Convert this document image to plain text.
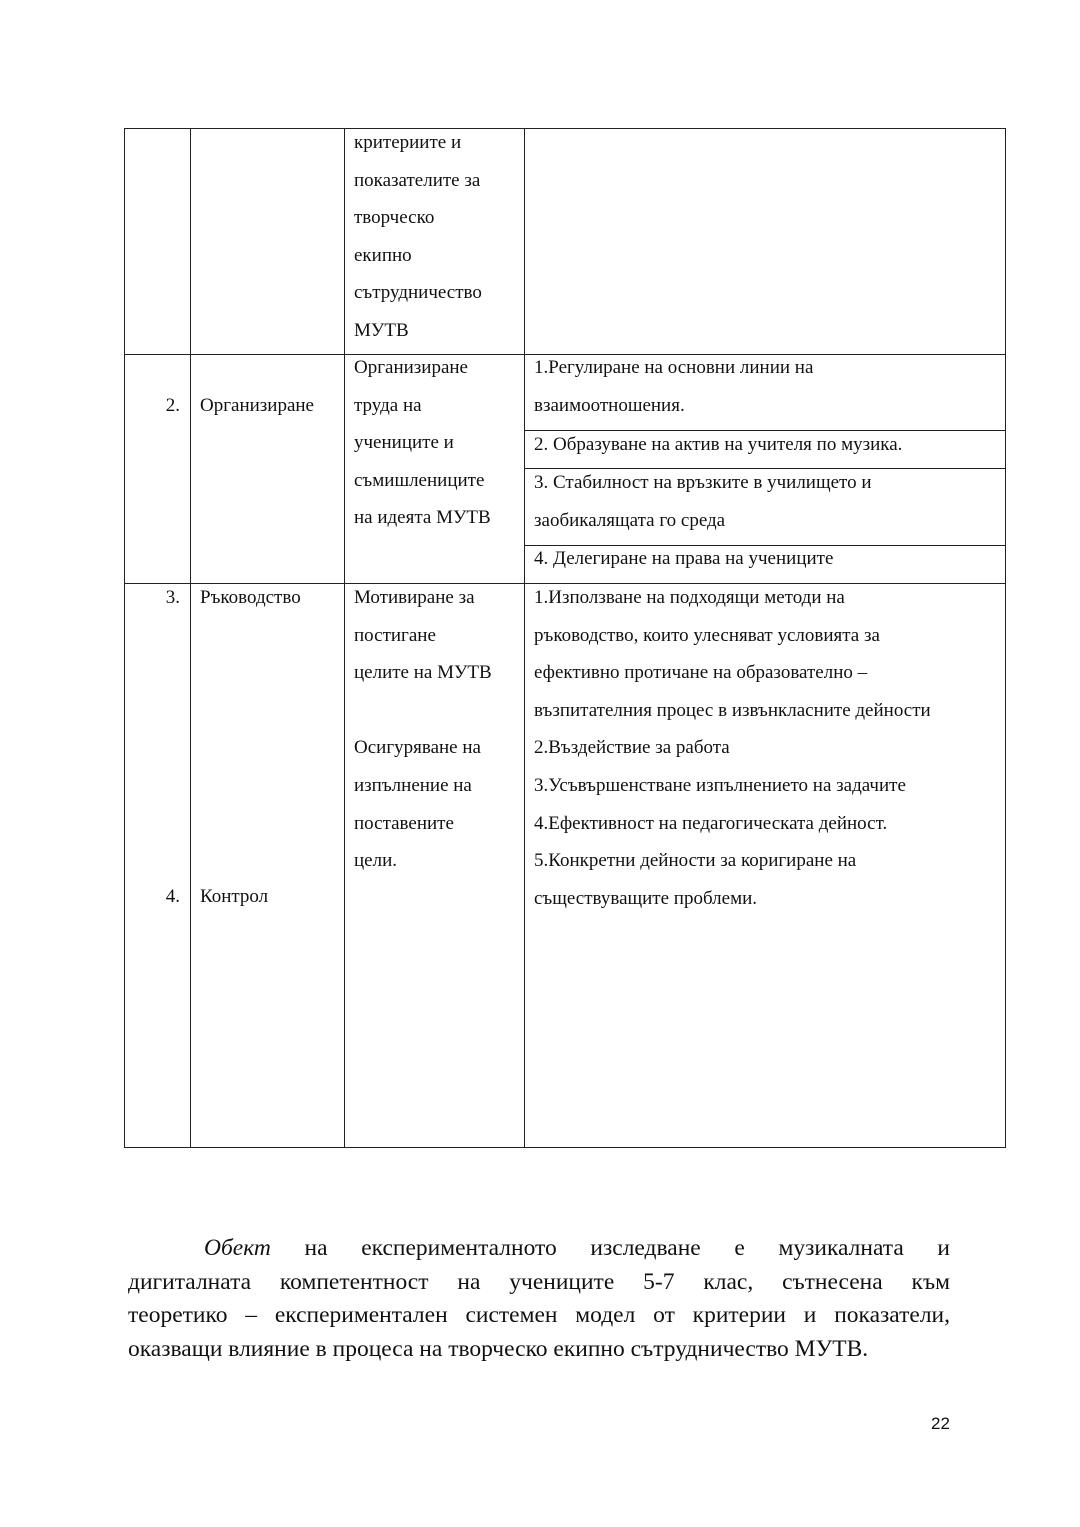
критериите и
показателите за
творческо
екипно
сътрудничество
МУТВ
2. Организиране
Организиране
труда на
учениците и
съмишлениците
на идеята МУТВ
1.Регулиране на основни линии на
взаимоотношения.
2. Образуване на актив на учителя по музика.
3. Стабилност на връзките в училището и
заобикалящата го среда
4. Делегиране на права на учениците
3. Ръководство
4. Контрол
Мотивиране за
постигане
целите на МУТВ
Осигуряване на
изпълнение на
поставените
цели.
1.Използване на подходящи методи на
ръководство, които улесняват условията за
ефективно протичане на образователно –
възпитателния процес в извънкласните дейности
2.Въздействие за работа
3.Усъвършенстване изпълнението на задачите
4.Ефективност на педагогическата дейност.
5.Конкретни дейности за коригиране на
съществуващите проблеми.
Обект на експерименталното изследване е музикалната и
дигиталната компетентност на учениците 5-7 клас, сътнесена към
теоретико – експериментален системен модел от критерии и показатели,
оказващи влияние в процеса на творческо екипно сътрудничество МУТВ.
22
